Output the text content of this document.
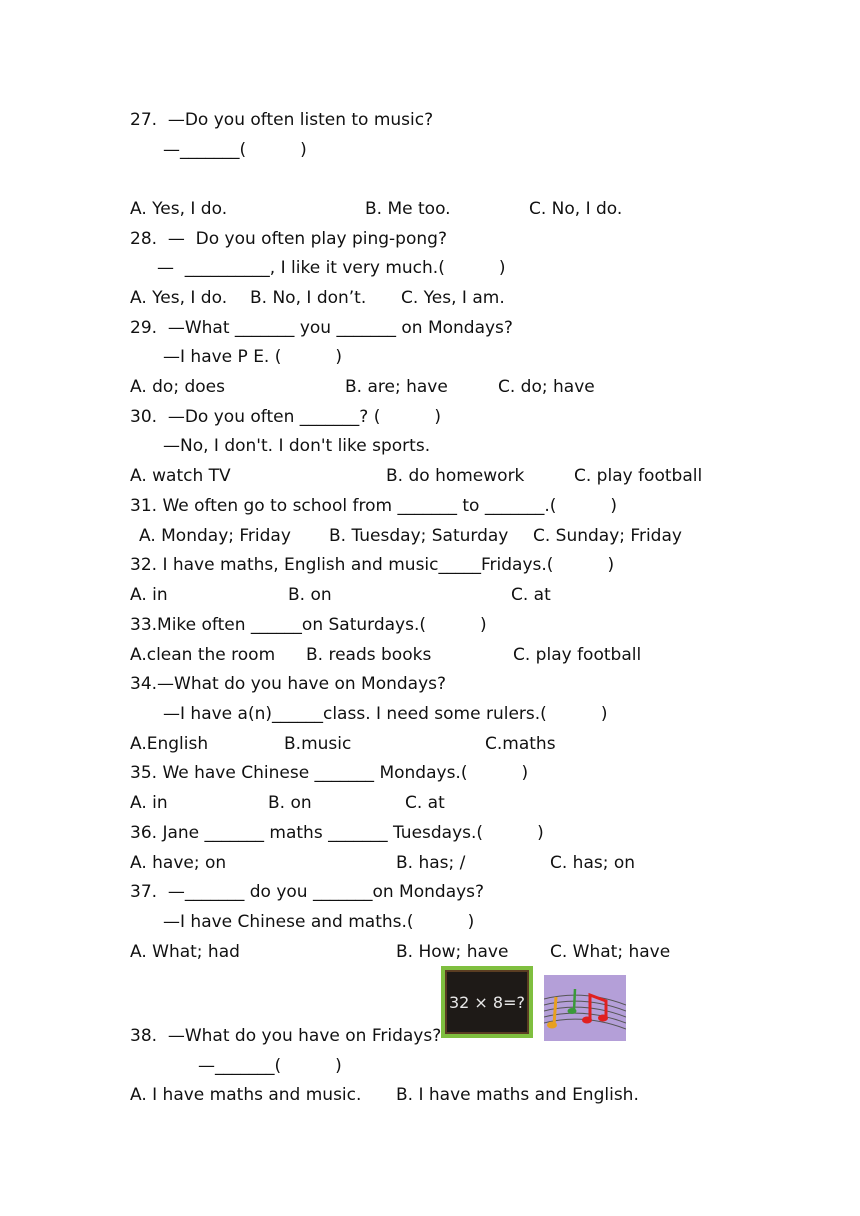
27.  —Do you often listen to music?
—_______(          )
A. Yes, I do.	B. Me too.	C. No, I do.
28.  —  Do you often play ping-pong?
—  __________, I like it very much.(          )
A. Yes, I do. B. No, I don’t. C. Yes, I am.
29.  —What _______ you _______ on Mondays?
—I have P E. (          )
A. do; does	B. are; have	C. do; have
30.  —Do you often _______? (          )
—No, I don't. I don't like sports.
A. watch TV	B. do homework	C. play football
31. We often go to school from _______ to _______.(          )
A. Monday; Friday B. Tuesday; Saturday C. Sunday; Friday
32. I have maths, English and music_____Fridays.(          )
A. in	B. on	C. at
33.Mike often ______on Saturdays.(          )
A.clean the room B. reads books	C. play football
34.—What do you have on Mondays?
—I have a(n)______class. I need some rulers.(          )
A.English	B.music	C.maths
35. We have Chinese _______ Mondays.(          )
A. in	B. on	C. at
36. Jane _______ maths _______ Tuesdays.(          )
A. have; on	B. has; /	C. has; on
37.  —_______ do you _______on Mondays?
—I have Chinese and maths.(          )
A. What; had	B. How; have C. What; have
32 × 8=?
38.  —What do you have on Fridays?
—_______(          )
A. I have maths and music. B. I have maths and English.
